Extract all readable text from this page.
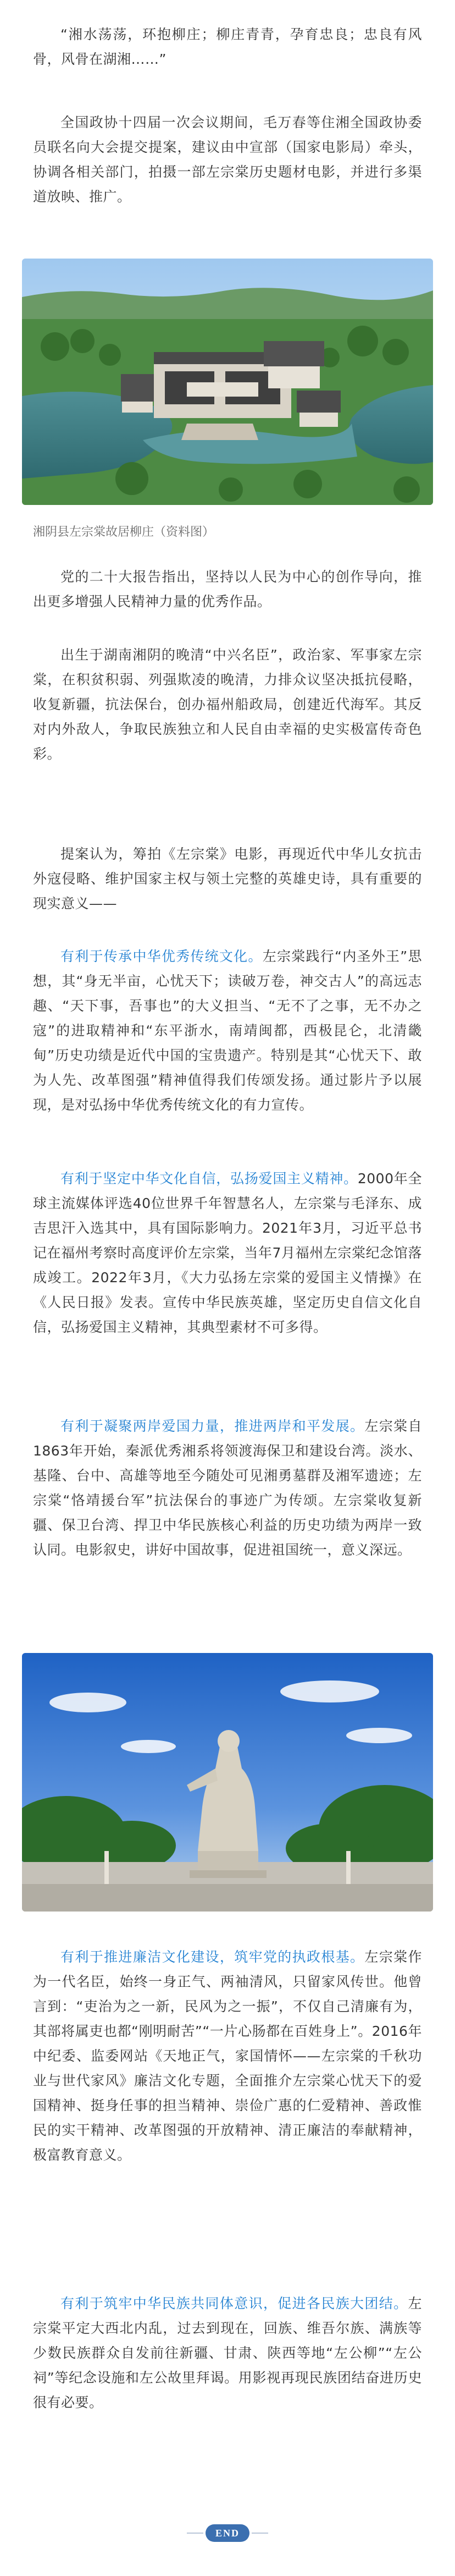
“湘水荡荡，环抱柳庄；柳庄青青，孕育忠良；忠良有风骨，风骨在湖湘……”

全国政协十四届一次会议期间，毛万春等住湘全国政协委员联名向大会提交提案，建议由中宣部（国家电影局）牵头，协调各相关部门，拍摄一部左宗棠历史题材电影，并进行多渠道放映、推广。

湘阴县左宗棠故居柳庄（资料图）

党的二十大报告指出，坚持以人民为中心的创作导向，推出更多增强人民精神力量的优秀作品。

出生于湖南湘阴的晚清“中兴名臣”，政治家、军事家左宗棠，在积贫积弱、列强欺凌的晚清，力排众议坚决抵抗侵略，收复新疆，抗法保台，创办福州船政局，创建近代海军。其反对内外敌人，争取民族独立和人民自由幸福的史实极富传奇色彩。

提案认为，筹拍《左宗棠》电影，再现近代中华儿女抗击外寇侵略、维护国家主权与领土完整的英雄史诗，具有重要的现实意义——

有利于传承中华优秀传统文化。左宗棠践行“内圣外王”思想，其“身无半亩，心忧天下；读破万卷，神交古人”的高远志趣、“天下事，吾事也”的大义担当、“无不了之事，无不办之寇”的进取精神和“东平浙水，南靖闽都，西极昆仑，北清畿甸”历史功绩是近代中国的宝贵遗产。特别是其“心忧天下、敢为人先、改革图强”精神值得我们传颂发扬。通过影片予以展现，是对弘扬中华优秀传统文化的有力宣传。

有利于坚定中华文化自信，弘扬爱国主义精神。2000年全球主流媒体评选40位世界千年智慧名人，左宗棠与毛泽东、成吉思汗入选其中，具有国际影响力。2021年3月，习近平总书记在福州考察时高度评价左宗棠，当年7月福州左宗棠纪念馆落成竣工。2022年3月，《大力弘扬左宗棠的爱国主义情操》在《人民日报》发表。宣传中华民族英雄，坚定历史自信文化自信，弘扬爱国主义精神，其典型素材不可多得。

有利于凝聚两岸爱国力量，推进两岸和平发展。左宗棠自1863年开始，秦派优秀湘系将领渡海保卫和建设台湾。淡水、基隆、台中、高雄等地至今随处可见湘勇墓群及湘军遗迹；左宗棠“恪靖援台军”抗法保台的事迹广为传颂。左宗棠收复新疆、保卫台湾、捍卫中华民族核心利益的历史功绩为两岸一致认同。电影叙史，讲好中国故事，促进祖国统一，意义深远。

有利于推进廉洁文化建设，筑牢党的执政根基。左宗棠作为一代名臣，始终一身正气、两袖清风，只留家风传世。他曾言到：“吏治为之一新，民风为之一振”，不仅自己清廉有为，其部将属吏也都“刚明耐苦”“一片心肠都在百姓身上”。2016年中纪委、监委网站《天地正气，家国情怀——左宗棠的千秋功业与世代家风》廉洁文化专题，全面推介左宗棠心忧天下的爱国精神、挺身任事的担当精神、崇俭广惠的仁爱精神、善政惟民的实干精神、改革图强的开放精神、清正廉洁的奉献精神，极富教育意义。

有利于筑牢中华民族共同体意识，促进各民族大团结。左宗棠平定大西北内乱，过去到现在，回族、维吾尔族、满族等少数民族群众自发前往新疆、甘肃、陕西等地“左公柳”“左公祠”等纪念设施和左公故里拜谒。用影视再现民族团结奋进历史很有必要。

END
